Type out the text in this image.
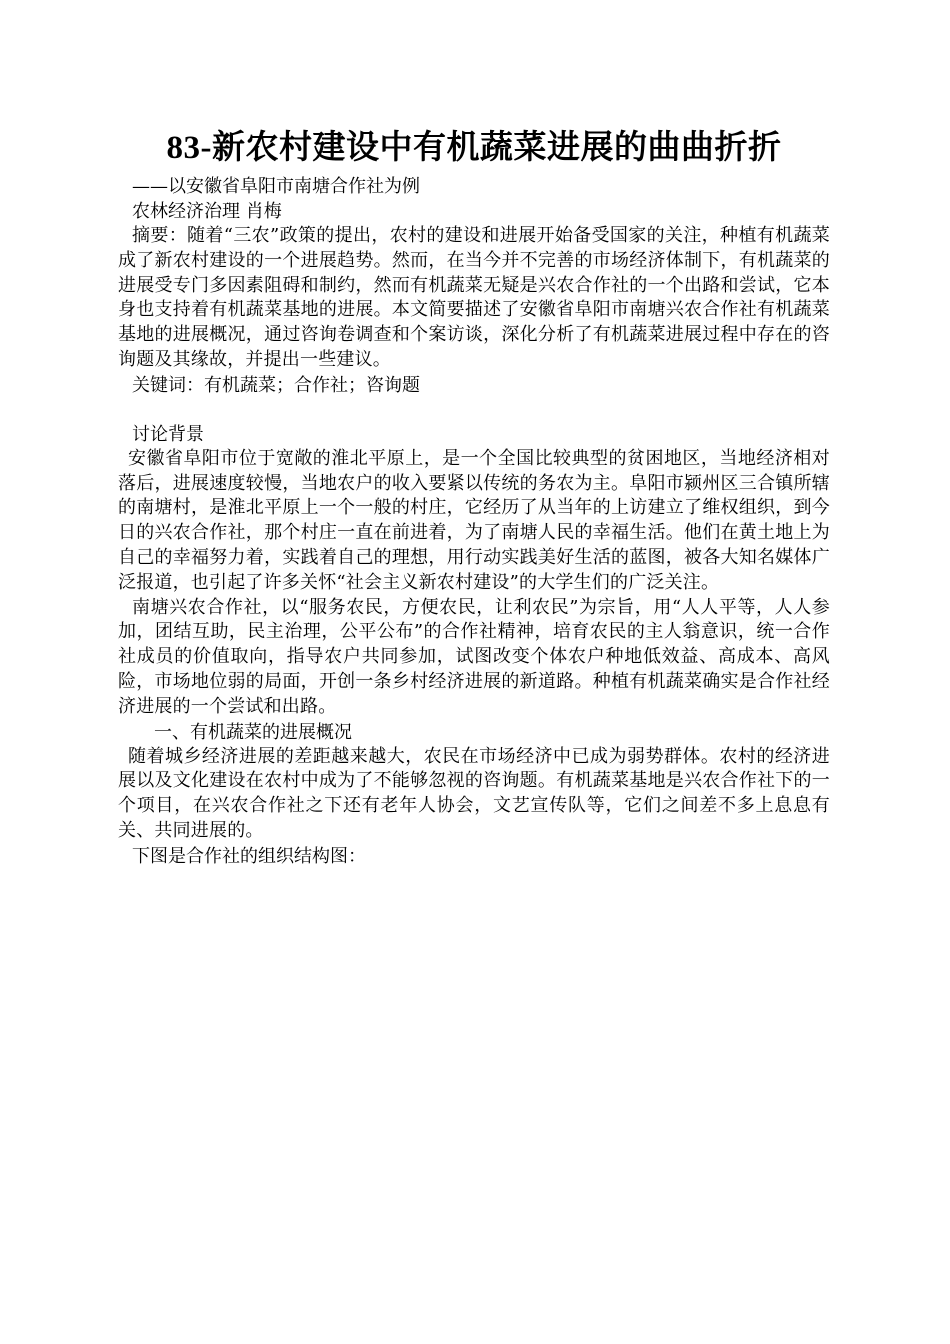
83-新农村建设中有机蔬菜进展的曲曲折折

——以安徽省阜阳市南塘合作社为例

农林经济治理 肖梅

摘要：随着“三农”政策的提出，农村的建设和进展开始备受国家的关注，种植有机蔬菜成了新农村建设的一个进展趋势。然而，在当今并不完善的市场经济体制下，有机蔬菜的进展受专门多因素阻碍和制约，然而有机蔬菜无疑是兴农合作社的一个出路和尝试，它本身也支持着有机蔬菜基地的进展。本文简要描述了安徽省阜阳市南塘兴农合作社有机蔬菜基地的进展概况，通过咨询卷调查和个案访谈，深化分析了有机蔬菜进展过程中存在的咨询题及其缘故，并提出一些建议。

关键词：有机蔬菜；合作社；咨询题

讨论背景

安徽省阜阳市位于宽敞的淮北平原上，是一个全国比较典型的贫困地区，当地经济相对落后，进展速度较慢，当地农户的收入要紧以传统的务农为主。阜阳市颍州区三合镇所辖的南塘村，是淮北平原上一个一般的村庄，它经历了从当年的上访建立了维权组织，到今日的兴农合作社，那个村庄一直在前进着，为了南塘人民的幸福生活。他们在黄土地上为自己的幸福努力着，实践着自己的理想，用行动实践美好生活的蓝图，被各大知名媒体广泛报道，也引起了许多关怀“社会主义新农村建设”的大学生们的广泛关注。

南塘兴农合作社，以“服务农民，方便农民，让利农民”为宗旨，用“人人平等，人人参加，团结互助，民主治理，公平公布”的合作社精神，培育农民的主人翁意识，统一合作社成员的价值取向，指导农户共同参加，试图改变个体农户种地低效益、高成本、高风险，市场地位弱的局面，开创一条乡村经济进展的新道路。种植有机蔬菜确实是合作社经济进展的一个尝试和出路。

一、有机蔬菜的进展概况

随着城乡经济进展的差距越来越大，农民在市场经济中已成为弱势群体。农村的经济进展以及文化建设在农村中成为了不能够忽视的咨询题。有机蔬菜基地是兴农合作社下的一个项目，在兴农合作社之下还有老年人协会，文艺宣传队等，它们之间差不多上息息有关、共同进展的。

下图是合作社的组织结构图：
